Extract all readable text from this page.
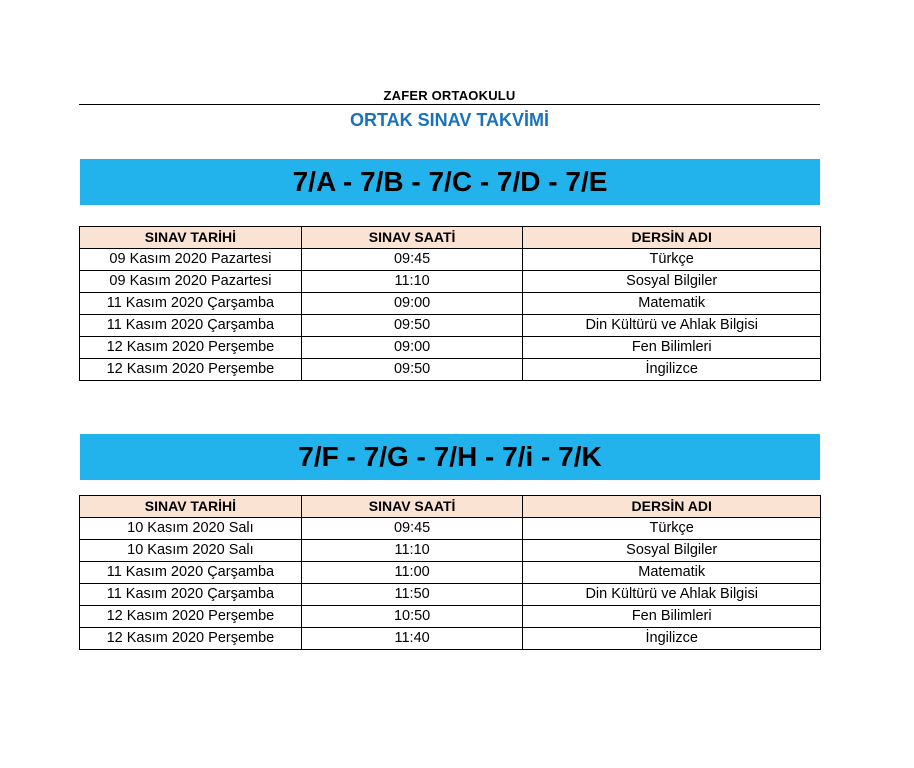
ZAFER ORTAOKULU
ORTAK SINAV TAKVİMİ
7/A - 7/B - 7/C - 7/D - 7/E
SINAV TARİHİ	SINAV SAATİ	DERSİN ADI
09 Kasım 2020 Pazartesi	09:45	Türkçe
09 Kasım 2020 Pazartesi	11:10	Sosyal Bilgiler
11 Kasım 2020 Çarşamba	09:00	Matematik
11 Kasım 2020 Çarşamba	09:50	Din Kültürü ve Ahlak Bilgisi
12 Kasım 2020 Perşembe	09:00	Fen Bilimleri
12 Kasım 2020 Perşembe	09:50	İngilizce
7/F - 7/G - 7/H - 7/i - 7/K
SINAV TARİHİ	SINAV SAATİ	DERSİN ADI
10 Kasım 2020 Salı	09:45	Türkçe
10 Kasım 2020 Salı	11:10	Sosyal Bilgiler
11 Kasım 2020 Çarşamba	11:00	Matematik
11 Kasım 2020 Çarşamba	11:50	Din Kültürü ve Ahlak Bilgisi
12 Kasım 2020 Perşembe	10:50	Fen Bilimleri
12 Kasım 2020 Perşembe	11:40	İngilizce
